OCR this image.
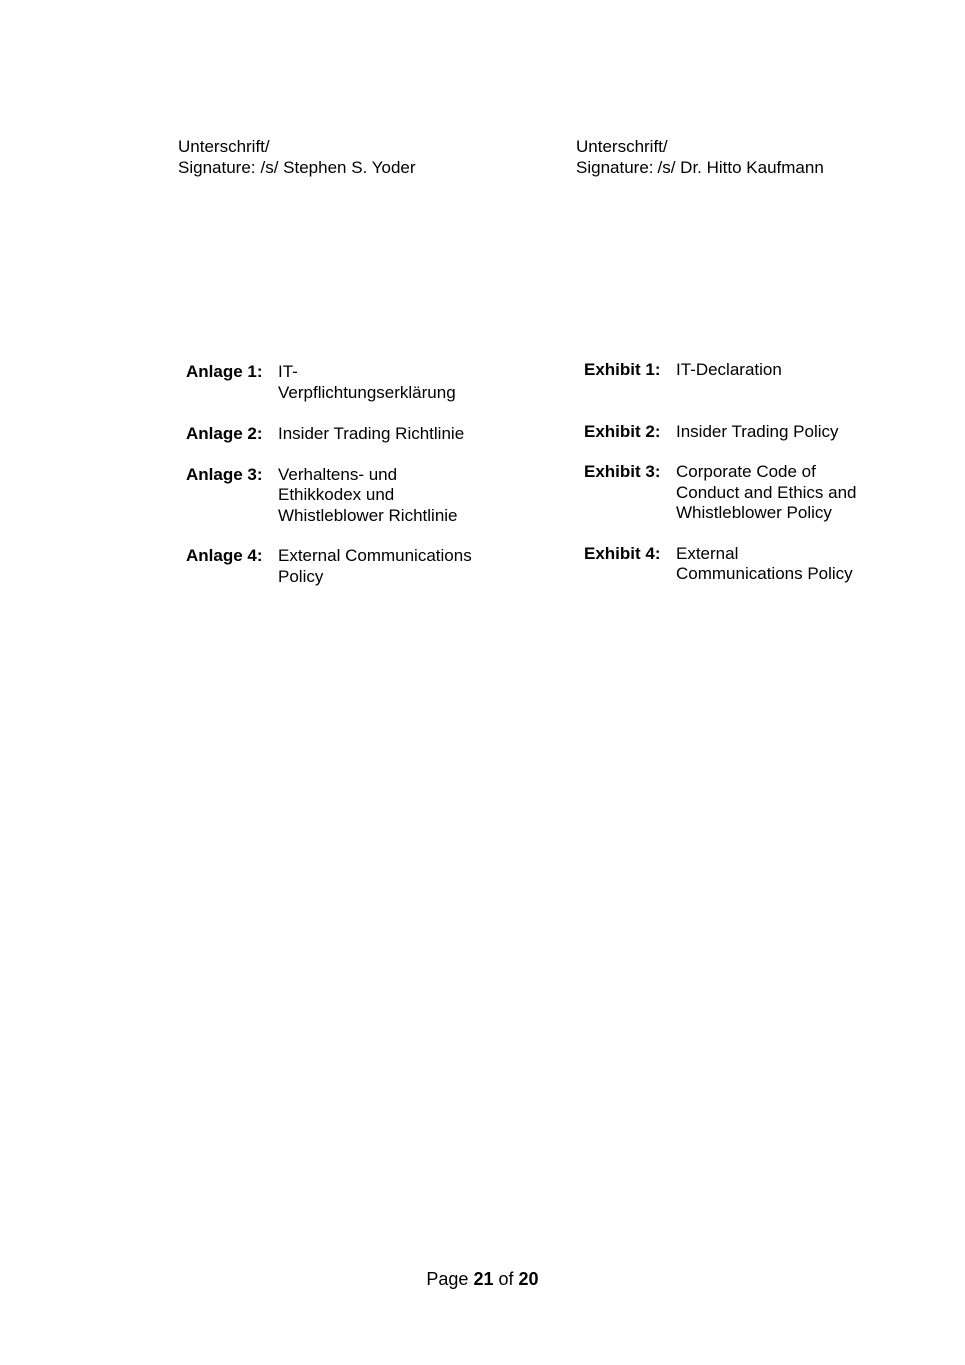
Unterschrift/
Signature: /s/ Stephen S. Yoder
Unterschrift/
Signature: /s/ Dr. Hitto Kaufmann
Anlage 1: IT-
Verpflichtungserklärung
Anlage 2: Insider Trading Richtlinie
Anlage 3: Verhaltens- und Ethikkodex und Whistleblower Richtlinie
Anlage 4: External Communications Policy
Exhibit 1: IT-Declaration
Exhibit 2: Insider Trading Policy
Exhibit 3: Corporate Code of Conduct and Ethics and Whistleblower Policy
Exhibit 4: External Communications Policy
Page 21 of 20
